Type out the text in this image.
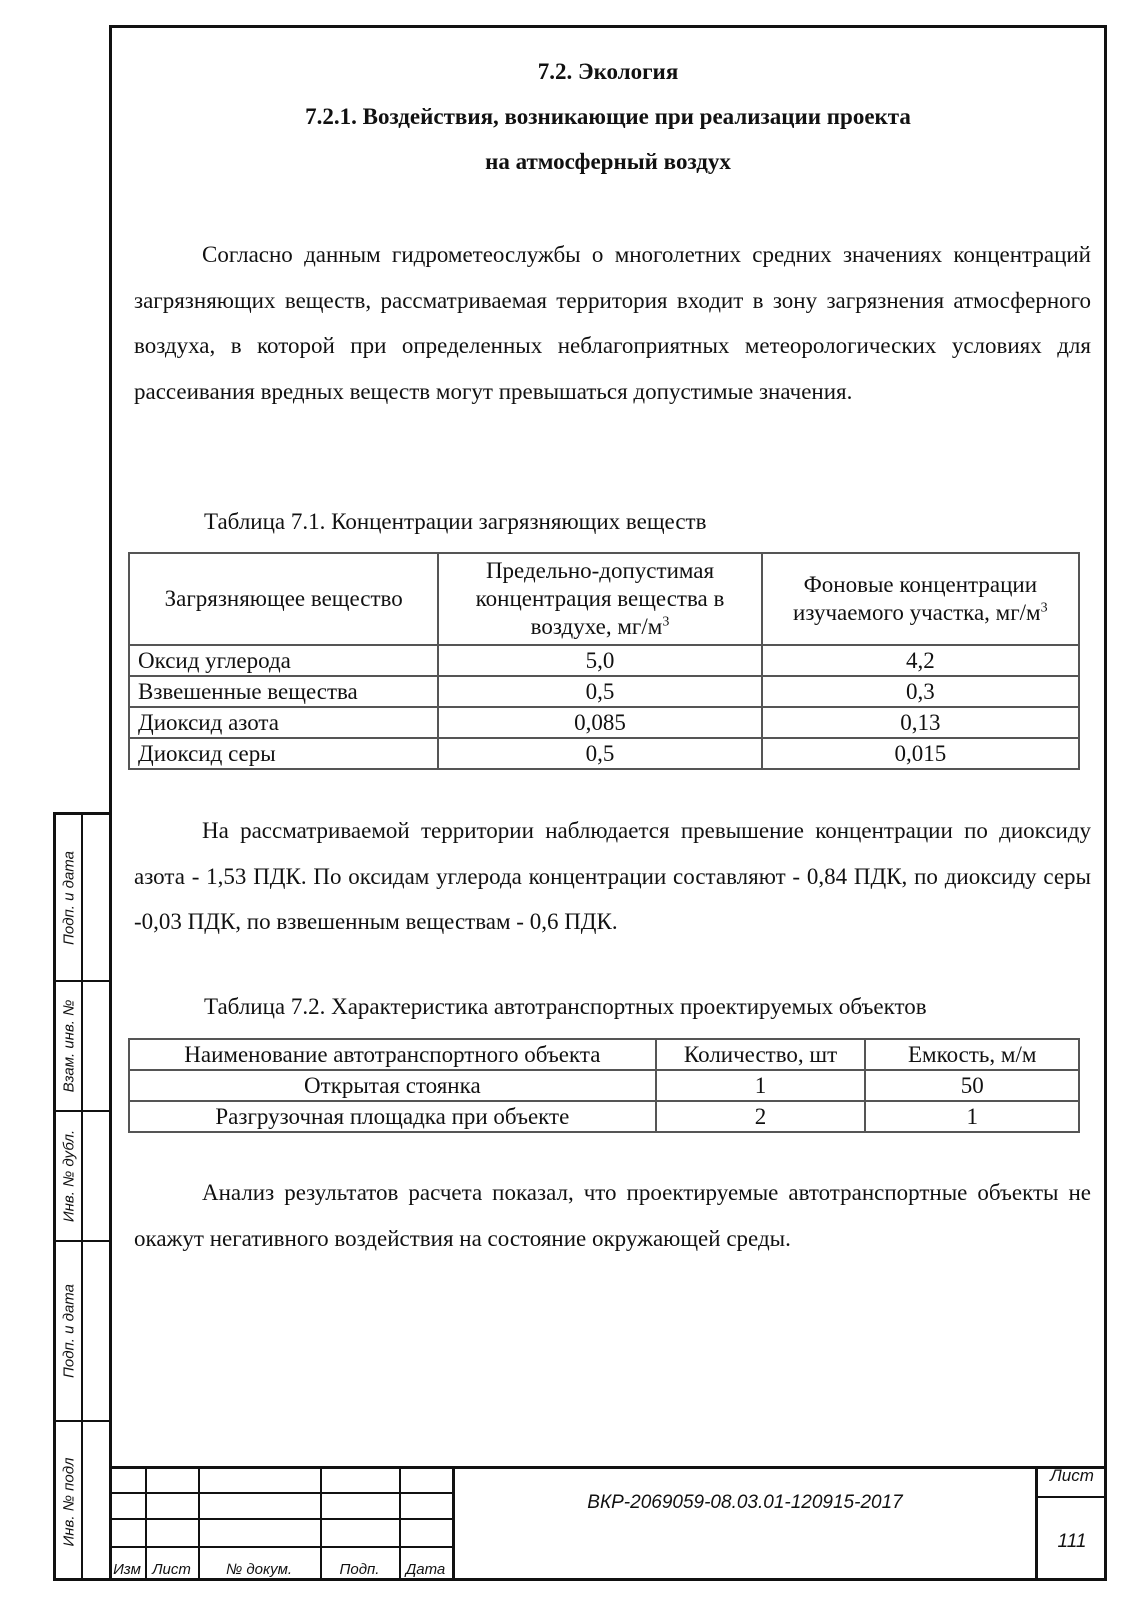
Подп. и дата
Взам. инв. №
Инв. № дубл.
Подп. и дата
Инв. № подл
7.2. Экология
7.2.1. Воздействия, возникающие при реализации проекта
на атмосферный воздух
Согласно данным гидрометеослужбы о многолетних средних значениях концентраций загрязняющих веществ, рассматриваемая территория входит в зону загрязнения атмосферного воздуха, в которой при определенных неблагоприятных метеорологических условиях для рассеивания вредных веществ могут превышаться допустимые значения.
Таблица 7.1. Концентрации загрязняющих веществ
Загрязняющее вещество	Предельно-допустимая концентрация вещества в воздухе, $мг/м^3$	Фоновые концентрации изучаемого участка, $мг/м^3$
Оксид углерода	5,0	4,2
Взвешенные вещества	0,5	0,3
Диоксид азота	0,085	0,13
Диоксид серы	0,5	0,015
На рассматриваемой территории наблюдается превышение концентрации по диоксиду азота - 1,53 ПДК. По оксидам углерода концентрации составляют - 0,84 ПДК, по диоксиду серы -0,03 ПДК, по взвешенным веществам - 0,6 ПДК.
Таблица 7.2. Характеристика автотранспортных проектируемых объектов
Наименование автотранспортного объекта	Количество, шт	Емкость, м/м
Открытая стоянка	1	50
Разгрузочная площадка при объекте	2	1
Анализ результатов расчета показал, что проектируемые автотранспортные объекты не окажут негативного воздействия на состояние окружающей среды.
Изм Лист	№ докум.	Подп.	Дата
ВКР-2069059-08.03.01-120915-2017
Лист
111
